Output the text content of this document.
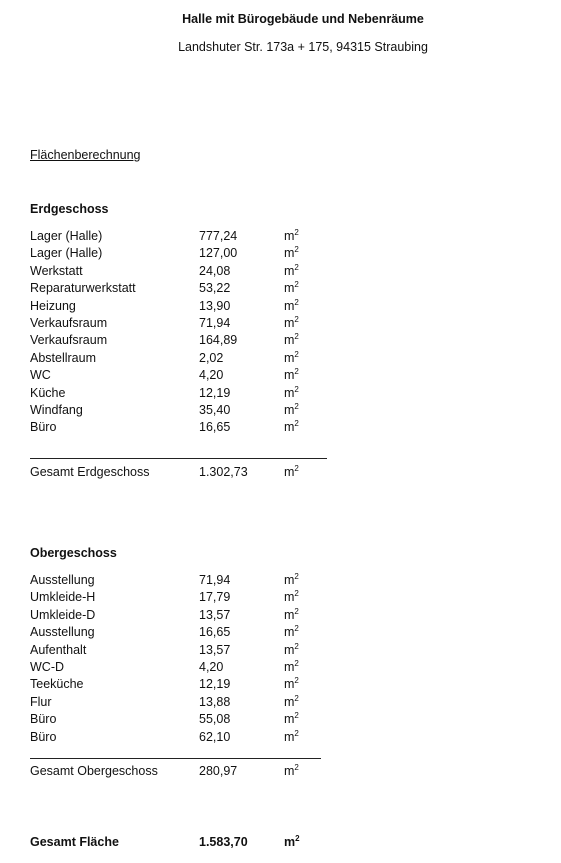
Halle mit Bürogebäude und Nebenräume
Landshuter Str. 173a + 175, 94315 Straubing
Flächenberechnung
Erdgeschoss
Lager (Halle)	777,24	$m^2$
Lager (Halle)	127,00	$m^2$
Werkstatt	24,08	$m^2$
Reparaturwerkstatt	53,22	$m^2$
Heizung	13,90	$m^2$
Verkaufsraum	71,94	$m^2$
Verkaufsraum	164,89	$m^2$
Abstellraum	2,02	$m^2$
WC	4,20	$m^2$
Küche	12,19	$m^2$
Windfang	35,40	$m^2$
Büro	16,65	$m^2$
Gesamt Erdgeschoss	1.302,73	$m^2$
Obergeschoss
Ausstellung	71,94	$m^2$
Umkleide-H	17,79	$m^2$
Umkleide-D	13,57	$m^2$
Ausstellung	16,65	$m^2$
Aufenthalt	13,57	$m^2$
WC-D	4,20	$m^2$
Teeküche	12,19	$m^2$
Flur	13,88	$m^2$
Büro	55,08	$m^2$
Büro	62,10	$m^2$
Gesamt Obergeschoss	280,97	$m^2$
Gesamt Fläche	1.583,70	$m^2$
